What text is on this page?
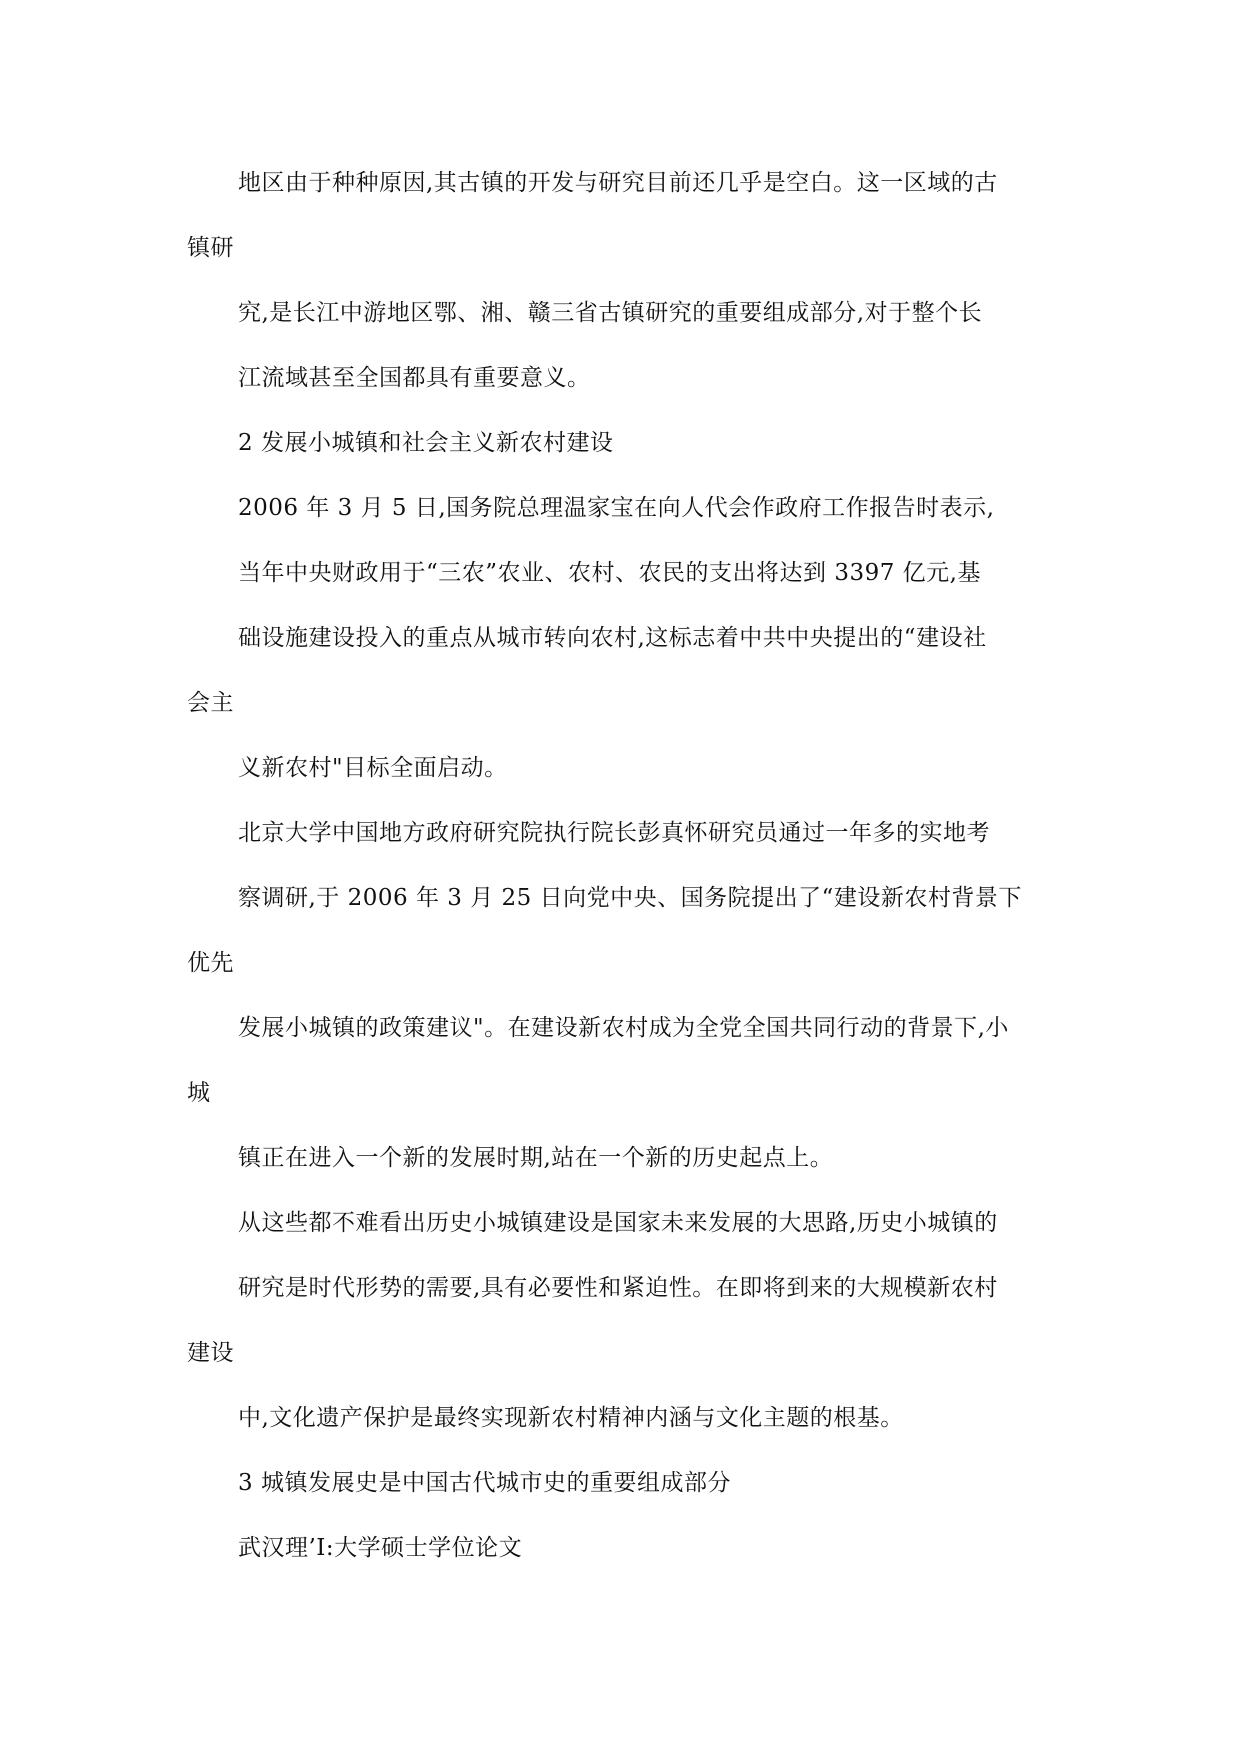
地区由于种种原因,其古镇的开发与研究目前还几乎是空白。这一区域的古
镇研
究,是长江中游地区鄂、湘、赣三省古镇研究的重要组成部分,对于整个长
江流域甚至全国都具有重要意义。
2 发展小城镇和社会主义新农村建设
2006 年 3 月 5 日,国务院总理温家宝在向人代会作政府工作报告时表示,
当年中央财政用于“三农”农业、农村、农民的支出将达到 3397 亿元,基
础设施建设投入的重点从城市转向农村,这标志着中共中央提出的“建设社
会主
义新农村"目标全面启动。
北京大学中国地方政府研究院执行院长彭真怀研究员通过一年多的实地考
察调研,于 2006 年 3 月 25 日向党中央、国务院提出了“建设新农村背景下
优先
发展小城镇的政策建议"。在建设新农村成为全党全国共同行动的背景下,小
城
镇正在进入一个新的发展时期,站在一个新的历史起点上。
从这些都不难看出历史小城镇建设是国家未来发展的大思路,历史小城镇的
研究是时代形势的需要,具有必要性和紧迫性。在即将到来的大规模新农村
建设
中,文化遗产保护是最终实现新农村精神内涵与文化主题的根基。
3 城镇发展史是中国古代城市史的重要组成部分
武汉理’I:大学硕士学位论文
